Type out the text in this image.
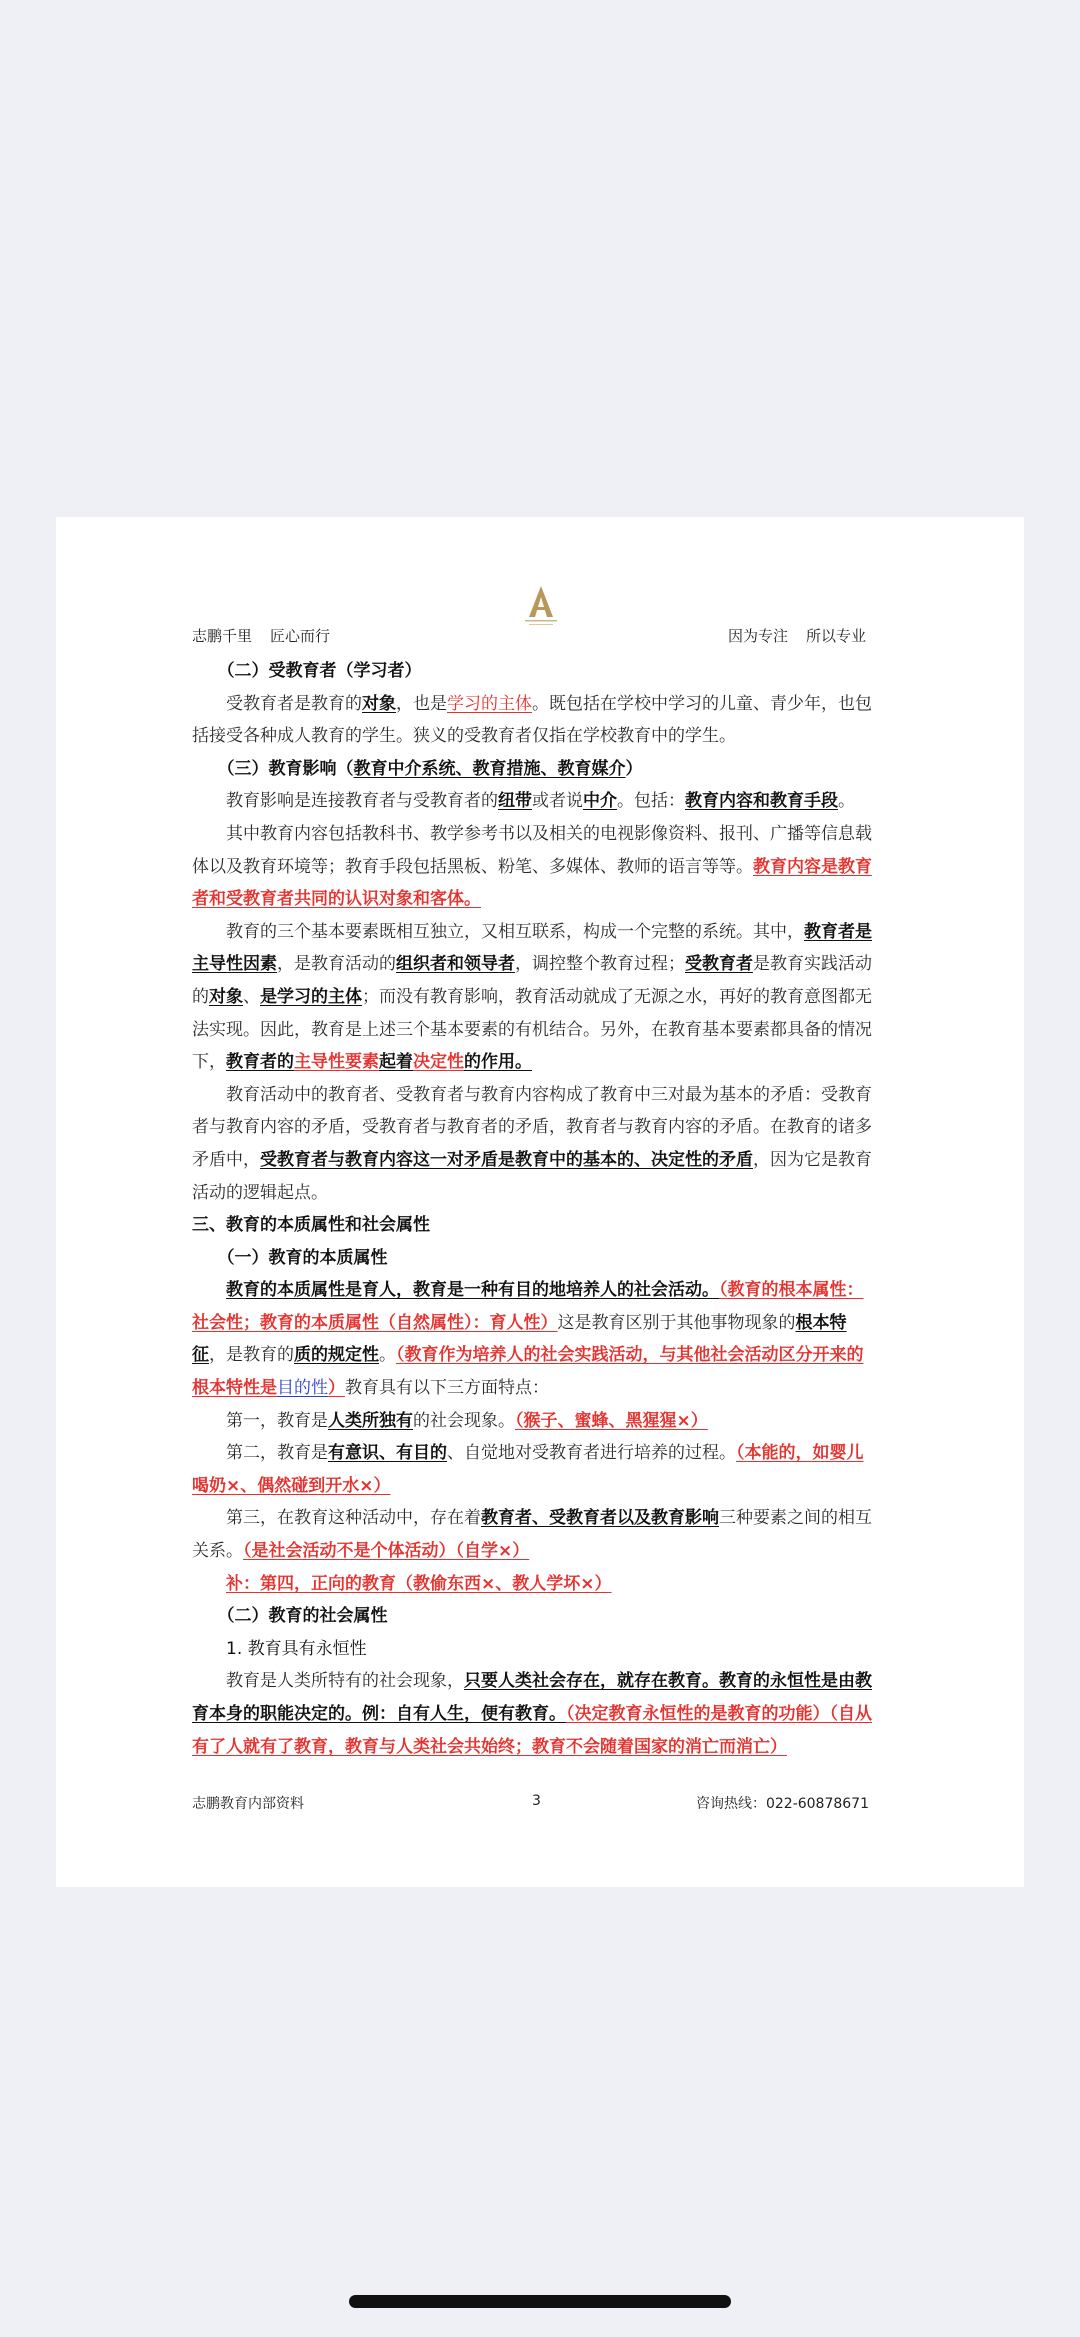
志鹏千里 匠心而行	因为专注 所以专业

（二）受教育者（学习者）

受教育者是教育的对象，也是学习的主体。既包括在学校中学习的儿童、青少年，也包括接受各种成人教育的学生。狭义的受教育者仅指在学校教育中的学生。

（三）教育影响（教育中介系统、教育措施、教育媒介）

教育影响是连接教育者与受教育者的纽带或者说中介。包括：教育内容和教育手段。

其中教育内容包括教科书、教学参考书以及相关的电视影像资料、报刊、广播等信息载体以及教育环境等；教育手段包括黑板、粉笔、多媒体、教师的语言等等。教育内容是教育者和受教育者共同的认识对象和客体。

教育的三个基本要素既相互独立，又相互联系，构成一个完整的系统。其中，教育者是主导性因素，是教育活动的组织者和领导者，调控整个教育过程；受教育者是教育实践活动的对象、是学习的主体；而没有教育影响，教育活动就成了无源之水，再好的教育意图都无法实现。因此，教育是上述三个基本要素的有机结合。另外，在教育基本要素都具备的情况下，教育者的主导性要素起着决定性的作用。

教育活动中的教育者、受教育者与教育内容构成了教育中三对最为基本的矛盾：受教育者与教育内容的矛盾，受教育者与教育者的矛盾，教育者与教育内容的矛盾。在教育的诸多矛盾中，受教育者与教育内容这一对矛盾是教育中的基本的、决定性的矛盾，因为它是教育活动的逻辑起点。

三、教育的本质属性和社会属性

（一）教育的本质属性

教育的本质属性是育人，教育是一种有目的地培养人的社会活动。（教育的根本属性：社会性；教育的本质属性（自然属性）：育人性）这是教育区别于其他事物现象的根本特征，是教育的质的规定性。（教育作为培养人的社会实践活动，与其他社会活动区分开来的根本特性是目的性）教育具有以下三方面特点：

第一，教育是人类所独有的社会现象。（猴子、蜜蜂、黑猩猩×）

第二，教育是有意识、有目的、自觉地对受教育者进行培养的过程。（本能的，如婴儿喝奶×、偶然碰到开水×）

第三，在教育这种活动中，存在着教育者、受教育者以及教育影响三种要素之间的相互关系。（是社会活动不是个体活动）（自学×）

补：第四，正向的教育（教偷东西×、教人学坏×）

（二）教育的社会属性

1. 教育具有永恒性

教育是人类所特有的社会现象，只要人类社会存在，就存在教育。教育的永恒性是由教育本身的职能决定的。例：自有人生，便有教育。（决定教育永恒性的是教育的功能）（自从有了人就有了教育，教育与人类社会共始终；教育不会随着国家的消亡而消亡）

志鹏教育内部资料	3	咨询热线：022-60878671
